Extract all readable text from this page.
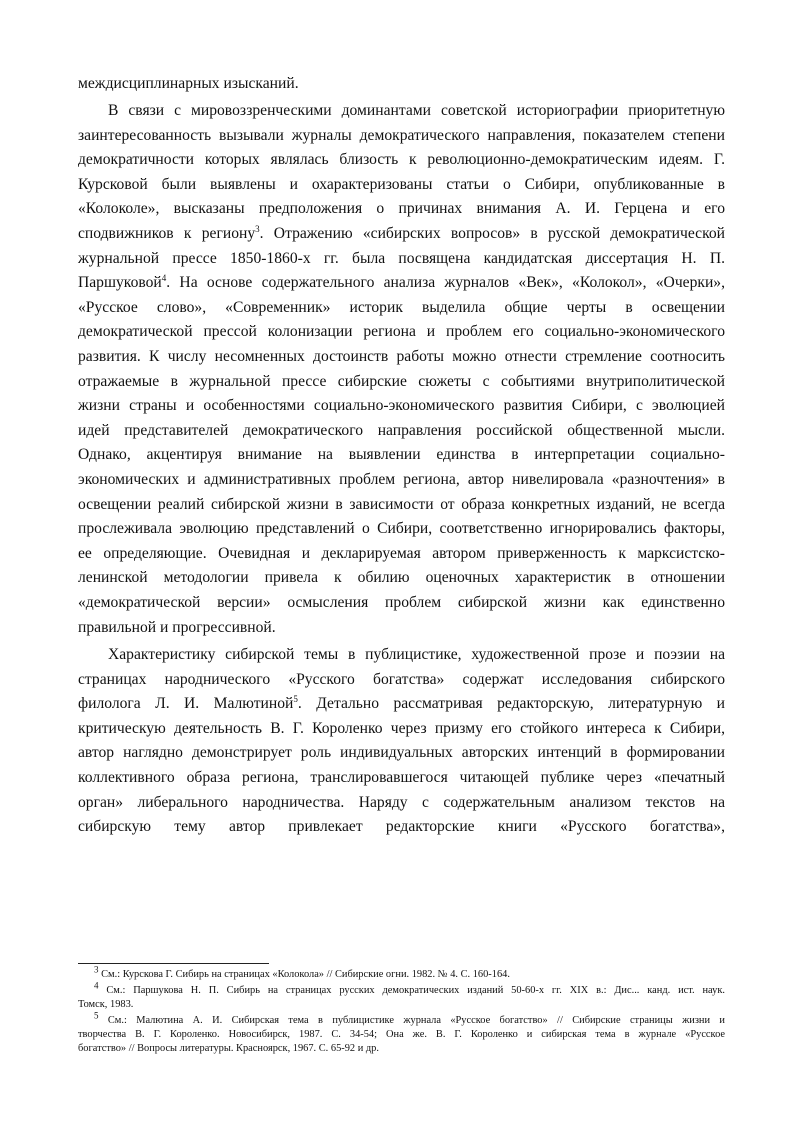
междисциплинарных изысканий.
В связи с мировоззренческими доминантами советской историографии приоритетную
заинтересованность вызывали журналы демократического направления, показателем степени
демократичности которых являлась близость к революционно-демократическим идеям. Г.
Курсковой были выявлены и охарактеризованы статьи о Сибири, опубликованные в
«Колоколе», высказаны предположения о причинах внимания А. И. Герцена и его
сподвижников к региону$^3$. Отражению «сибирских вопросов» в русской демократической
журнальной прессе 1850-1860-х гг. была посвящена кандидатская диссертация Н. П.
Паршуковой$^4$. На основе содержательного анализа журналов «Век», «Колокол», «Очерки»,
«Русское слово», «Современник» историк выделила общие черты в освещении
демократической прессой колонизации региона и проблем его социально-экономического
развития. К числу несомненных достоинств работы можно отнести стремление соотносить
отражаемые в журнальной прессе сибирские сюжеты с событиями внутриполитической
жизни страны и особенностями социально-экономического развития Сибири, с эволюцией
идей представителей демократического направления российской общественной мысли.
Однако, акцентируя внимание на выявлении единства в интерпретации социально-
экономических и административных проблем региона, автор нивелировала «разночтения» в
освещении реалий сибирской жизни в зависимости от образа конкретных изданий, не всегда
прослеживала эволюцию представлений о Сибири, соответственно игнорировались факторы,
ее определяющие. Очевидная и декларируемая автором приверженность к марксистско-
ленинской методологии привела к обилию оценочных характеристик в отношении
«демократической версии» осмысления проблем сибирской жизни как единственно
правильной и прогрессивной.
Характеристику сибирской темы в публицистике, художественной прозе и поэзии на
страницах народнического «Русского богатства» содержат исследования сибирского
филолога Л. И. Малютиной$^5$. Детально рассматривая редакторскую, литературную и
критическую деятельность В. Г. Короленко через призму его стойкого интереса к Сибири,
автор наглядно демонстрирует роль индивидуальных авторских интенций в формировании
коллективного образа региона, транслировавшегося читающей публике через «печатный
орган» либерального народничества. Наряду с содержательным анализом текстов на
сибирскую тему автор привлекает редакторские книги «Русского богатства»,
$^3$ См.: Курскова Г. Сибирь на страницах «Колокола» // Сибирские огни. 1982. № 4. С. 160-164.
$^4$ См.: Паршукова Н. П. Сибирь на страницах русских демократических изданий 50-60-х гг. XIX в.: Дис... канд. ист. наук.
Томск, 1983.
$^5$ См.: Малютина А. И. Сибирская тема в публицистике журнала «Русское богатство» // Сибирские страницы жизни и
творчества В. Г. Короленко. Новосибирск, 1987. С. 34-54; Она же. В. Г. Короленко и сибирская тема в журнале «Русское
богатство» // Вопросы литературы. Красноярск, 1967. С. 65-92 и др.
